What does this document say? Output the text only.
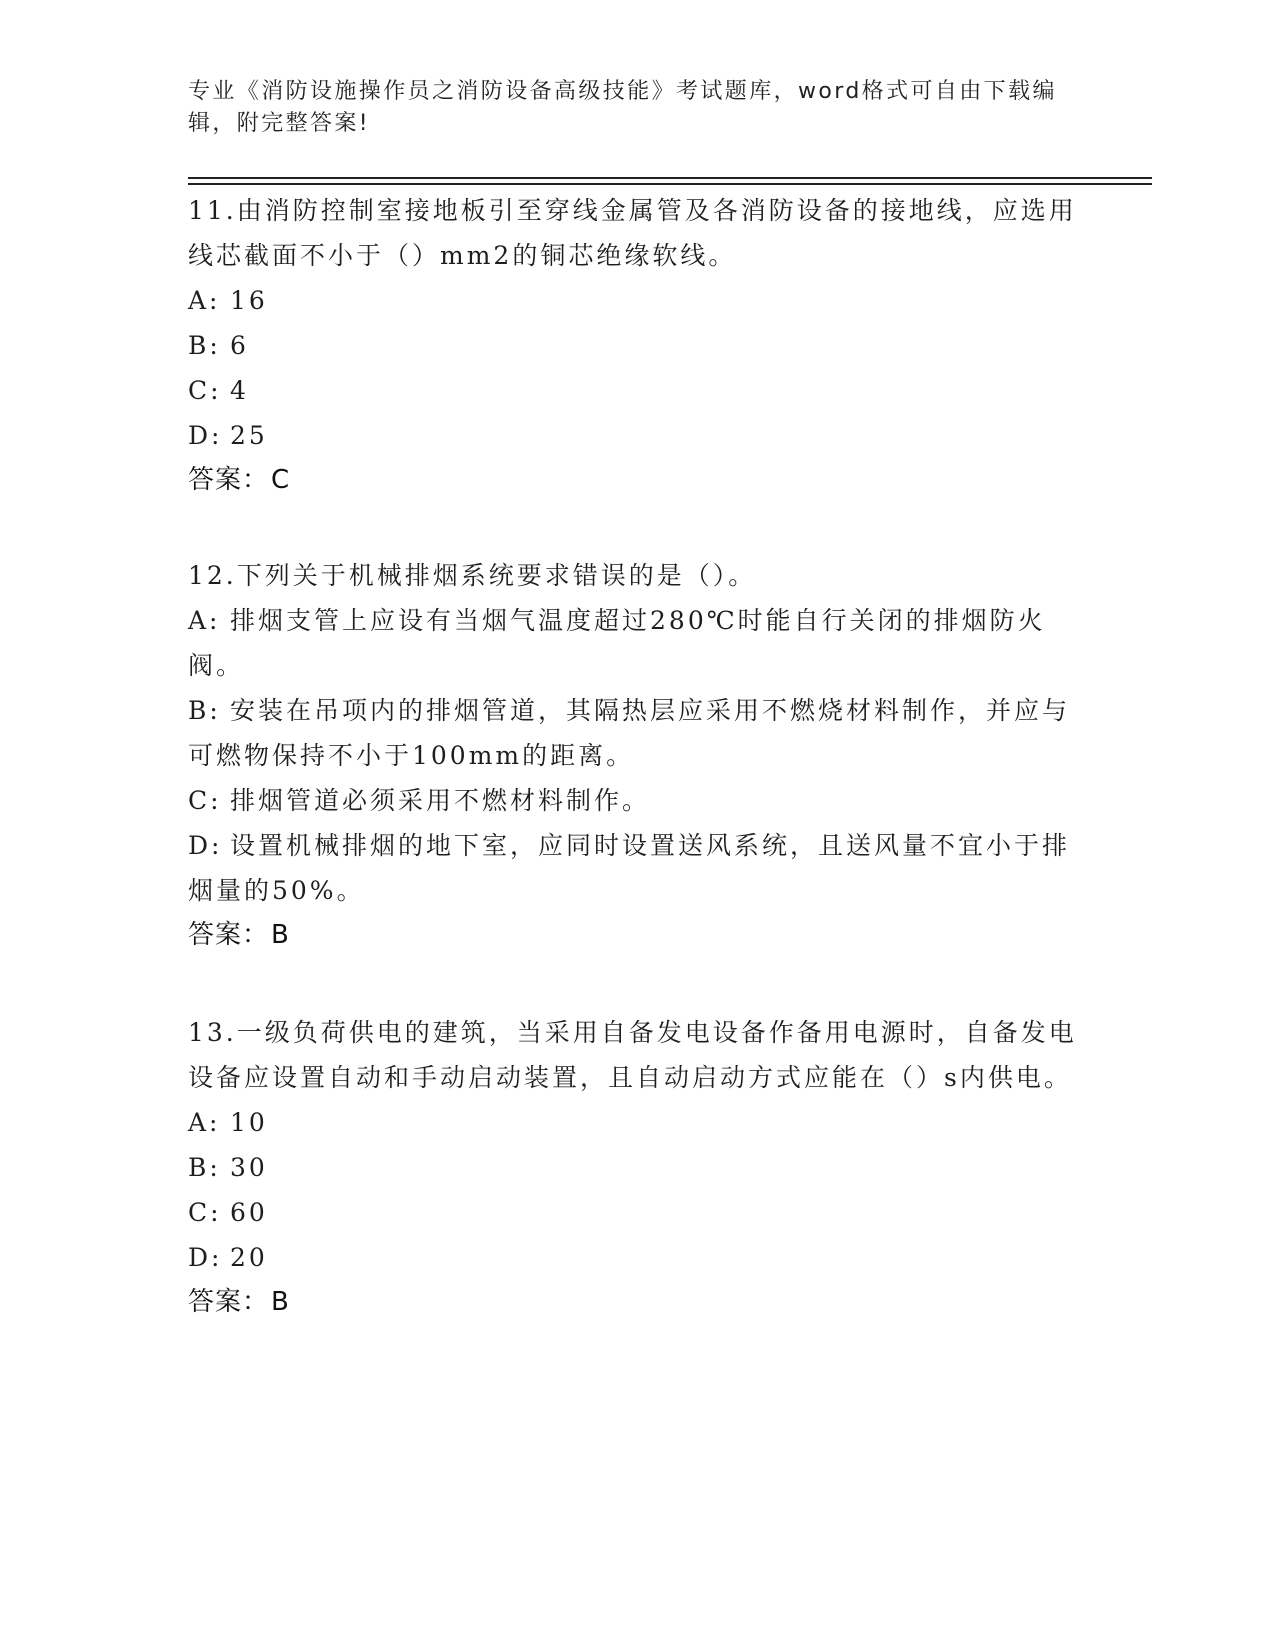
专业《消防设施操作员之消防设备高级技能》考试题库，word格式可自由下载编辑，附完整答案!

11.由消防控制室接地板引至穿线金属管及各消防设备的接地线，应选用线芯截面不小于（）mm2的铜芯绝缘软线。

A: 16

B: 6

C: 4

D: 25

答案：C

12.下列关于机械排烟系统要求错误的是（）。

A: 排烟支管上应设有当烟气温度超过280℃时能自行关闭的排烟防火阀。

B: 安装在吊项内的排烟管道，其隔热层应采用不燃烧材料制作，并应与可燃物保持不小于100mm的距离。

C: 排烟管道必须采用不燃材料制作。

D: 设置机械排烟的地下室，应同时设置送风系统，且送风量不宜小于排烟量的50%。

答案：B

13.一级负荷供电的建筑，当采用自备发电设备作备用电源时，自备发电设备应设置自动和手动启动装置，且自动启动方式应能在（）s内供电。

A: 10

B: 30

C: 60

D: 20

答案：B
